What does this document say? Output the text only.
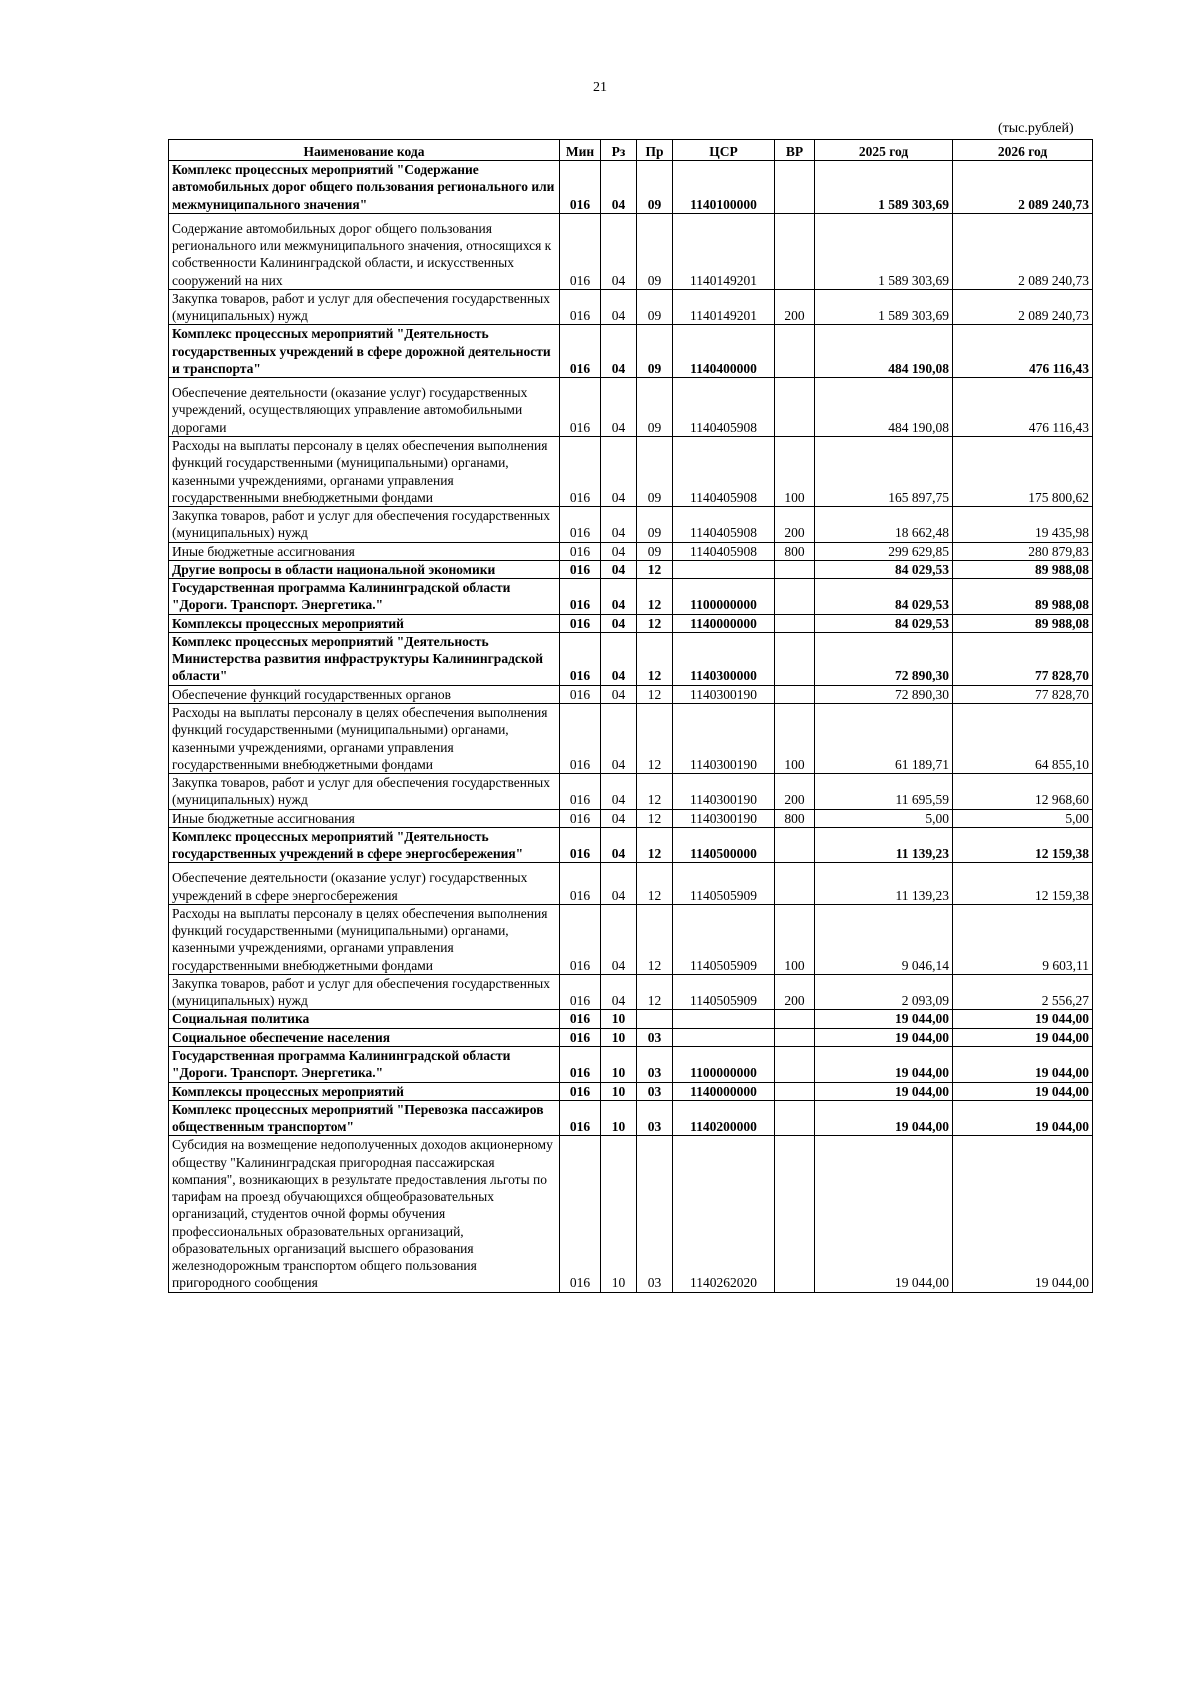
21
(тыс.рублей)
Наименование кода	Мин	Рз	Пр	ЦСР	ВР	2025 год	2026 год
Комплекс процессных мероприятий "Содержание автомобильных дорог общего пользования регионального или межмуниципального значения"	016	04	09	1140100000		1 589 303,69	2 089 240,73
Содержание автомобильных дорог общего пользования регионального или межмуниципального значения, относящихся к собственности Калининградской области, и искусственных сооружений на них	016	04	09	1140149201		1 589 303,69	2 089 240,73
Закупка товаров, работ и услуг для обеспечения государственных (муниципальных) нужд	016	04	09	1140149201	200	1 589 303,69	2 089 240,73
Комплекс процессных мероприятий "Деятельность государственных учреждений в сфере дорожной деятельности и транспорта"	016	04	09	1140400000		484 190,08	476 116,43
Обеспечение деятельности (оказание услуг) государственных учреждений, осуществляющих управление автомобильными дорогами	016	04	09	1140405908		484 190,08	476 116,43
Расходы на выплаты персоналу в целях обеспечения выполнения функций государственными (муниципальными) органами, казенными учреждениями, органами управления государственными внебюджетными фондами	016	04	09	1140405908	100	165 897,75	175 800,62
Закупка товаров, работ и услуг для обеспечения государственных (муниципальных) нужд	016	04	09	1140405908	200	18 662,48	19 435,98
Иные бюджетные ассигнования	016	04	09	1140405908	800	299 629,85	280 879,83
Другие вопросы в области национальной экономики	016	04	12			84 029,53	89 988,08
Государственная программа Калининградской области "Дороги. Транспорт. Энергетика."	016	04	12	1100000000		84 029,53	89 988,08
Комплексы процессных мероприятий	016	04	12	1140000000		84 029,53	89 988,08
Комплекс процессных мероприятий "Деятельность Министерства развития инфраструктуры Калининградской области"	016	04	12	1140300000		72 890,30	77 828,70
Обеспечение функций государственных органов	016	04	12	1140300190		72 890,30	77 828,70
Расходы на выплаты персоналу в целях обеспечения выполнения функций государственными (муниципальными) органами, казенными учреждениями, органами управления государственными внебюджетными фондами	016	04	12	1140300190	100	61 189,71	64 855,10
Закупка товаров, работ и услуг для обеспечения государственных (муниципальных) нужд	016	04	12	1140300190	200	11 695,59	12 968,60
Иные бюджетные ассигнования	016	04	12	1140300190	800	5,00	5,00
Комплекс процессных мероприятий "Деятельность государственных учреждений в сфере энергосбережения"	016	04	12	1140500000		11 139,23	12 159,38
Обеспечение деятельности (оказание услуг) государственных учреждений в сфере энергосбережения	016	04	12	1140505909		11 139,23	12 159,38
Расходы на выплаты персоналу в целях обеспечения выполнения функций государственными (муниципальными) органами, казенными учреждениями, органами управления государственными внебюджетными фондами	016	04	12	1140505909	100	9 046,14	9 603,11
Закупка товаров, работ и услуг для обеспечения государственных (муниципальных) нужд	016	04	12	1140505909	200	2 093,09	2 556,27
Социальная политика	016	10				19 044,00	19 044,00
Социальное обеспечение населения	016	10	03			19 044,00	19 044,00
Государственная программа Калининградской области "Дороги. Транспорт. Энергетика."	016	10	03	1100000000		19 044,00	19 044,00
Комплексы процессных мероприятий	016	10	03	1140000000		19 044,00	19 044,00
Комплекс процессных мероприятий "Перевозка пассажиров общественным транспортом"	016	10	03	1140200000		19 044,00	19 044,00
Субсидия на возмещение недополученных доходов акционерному обществу "Калининградская пригородная пассажирская компания", возникающих в результате предоставления льготы по тарифам на проезд обучающихся общеобразовательных организаций, студентов очной формы обучения профессиональных образовательных организаций, образовательных организаций высшего образования железнодорожным транспортом общего пользования пригородного сообщения	016	10	03	1140262020		19 044,00	19 044,00
